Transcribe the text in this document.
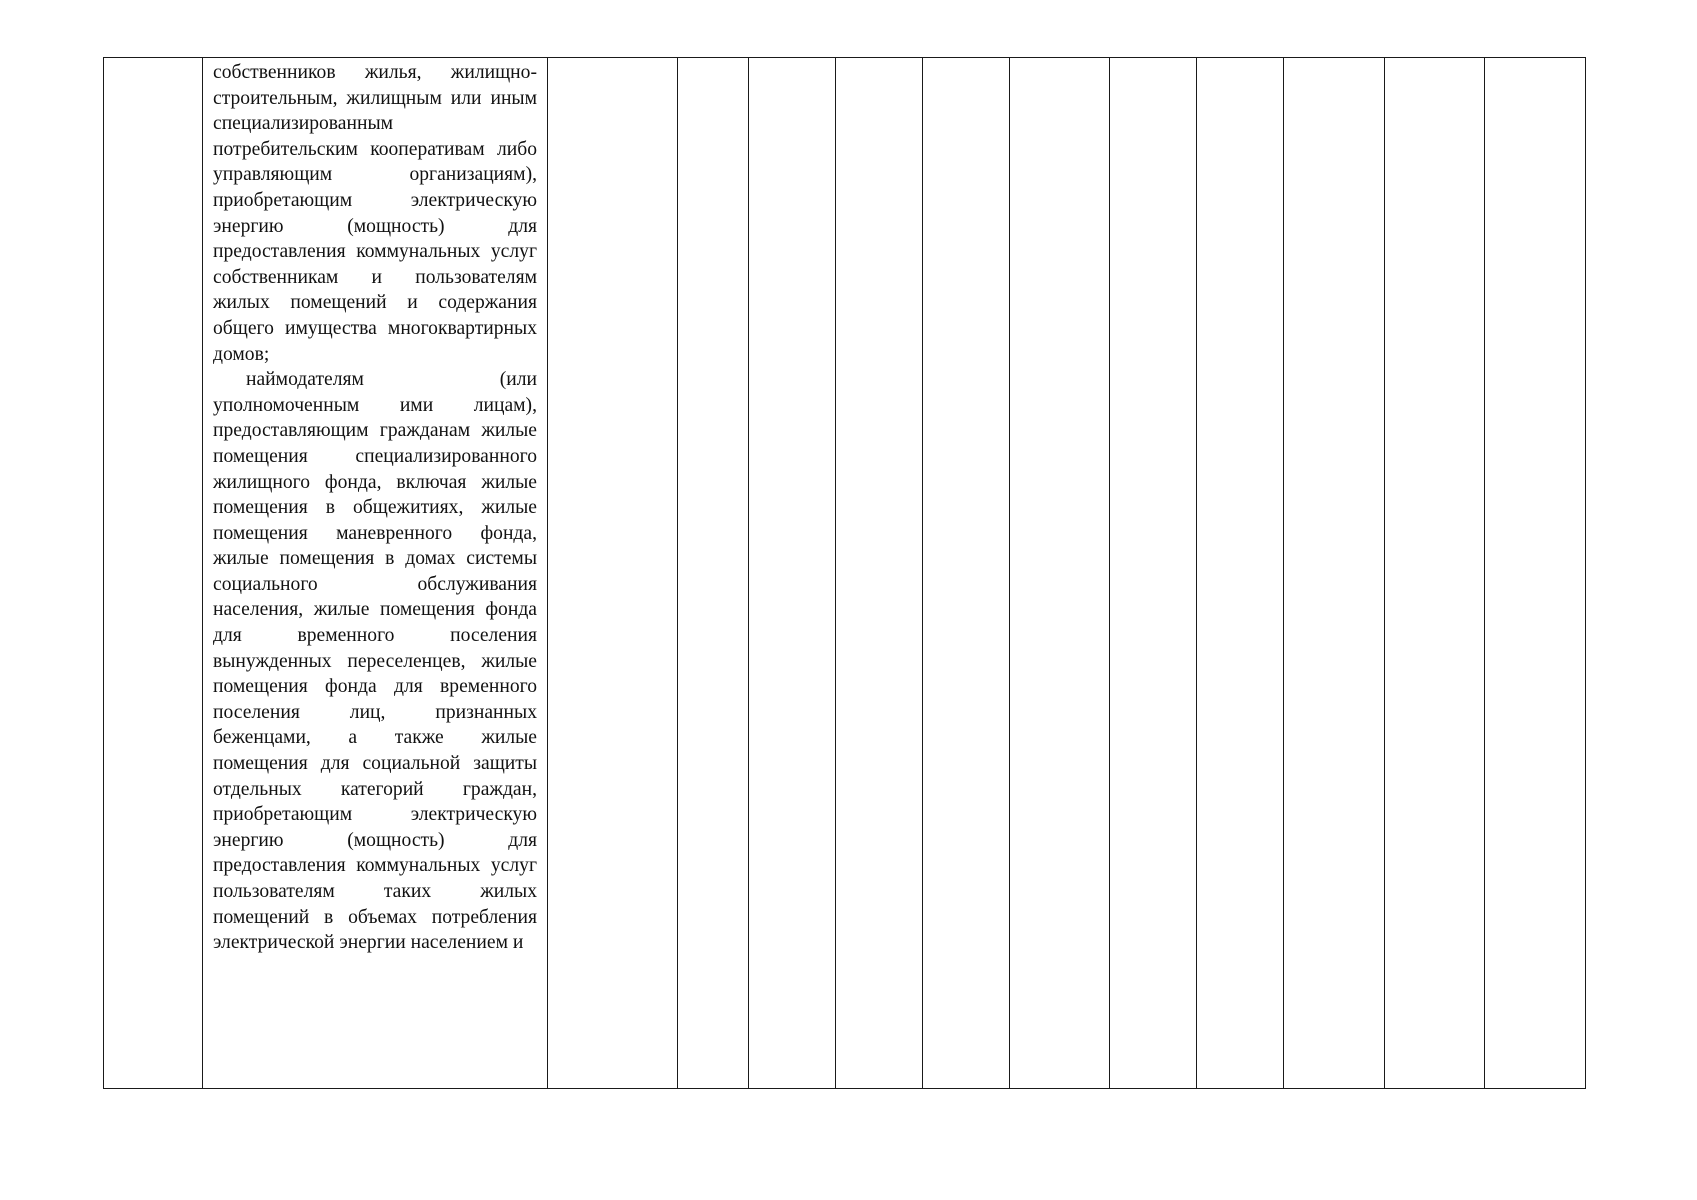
собственников жилья, жилищно-строительным, жилищным или иным специализированным потребительским кооперативам либо управляющим организациям), приобретающим электрическую энергию (мощность) для предоставления коммунальных услуг собственникам и пользователям жилых помещений и содержания общего имущества многоквартирных домов;

наймодателям (или уполномоченным ими лицам), предоставляющим гражданам жилые помещения специализированного жилищного фонда, включая жилые помещения в общежитиях, жилые помещения маневренного фонда, жилые помещения в домах системы социального обслуживания населения, жилые помещения фонда для временного поселения вынужденных переселенцев, жилые помещения фонда для временного поселения лиц, признанных беженцами, а также жилые помещения для социальной защиты отдельных категорий граждан, приобретающим электрическую энергию (мощность) для предоставления коммунальных услуг пользователям таких жилых помещений в объемах потребления электрической энергии населением и
